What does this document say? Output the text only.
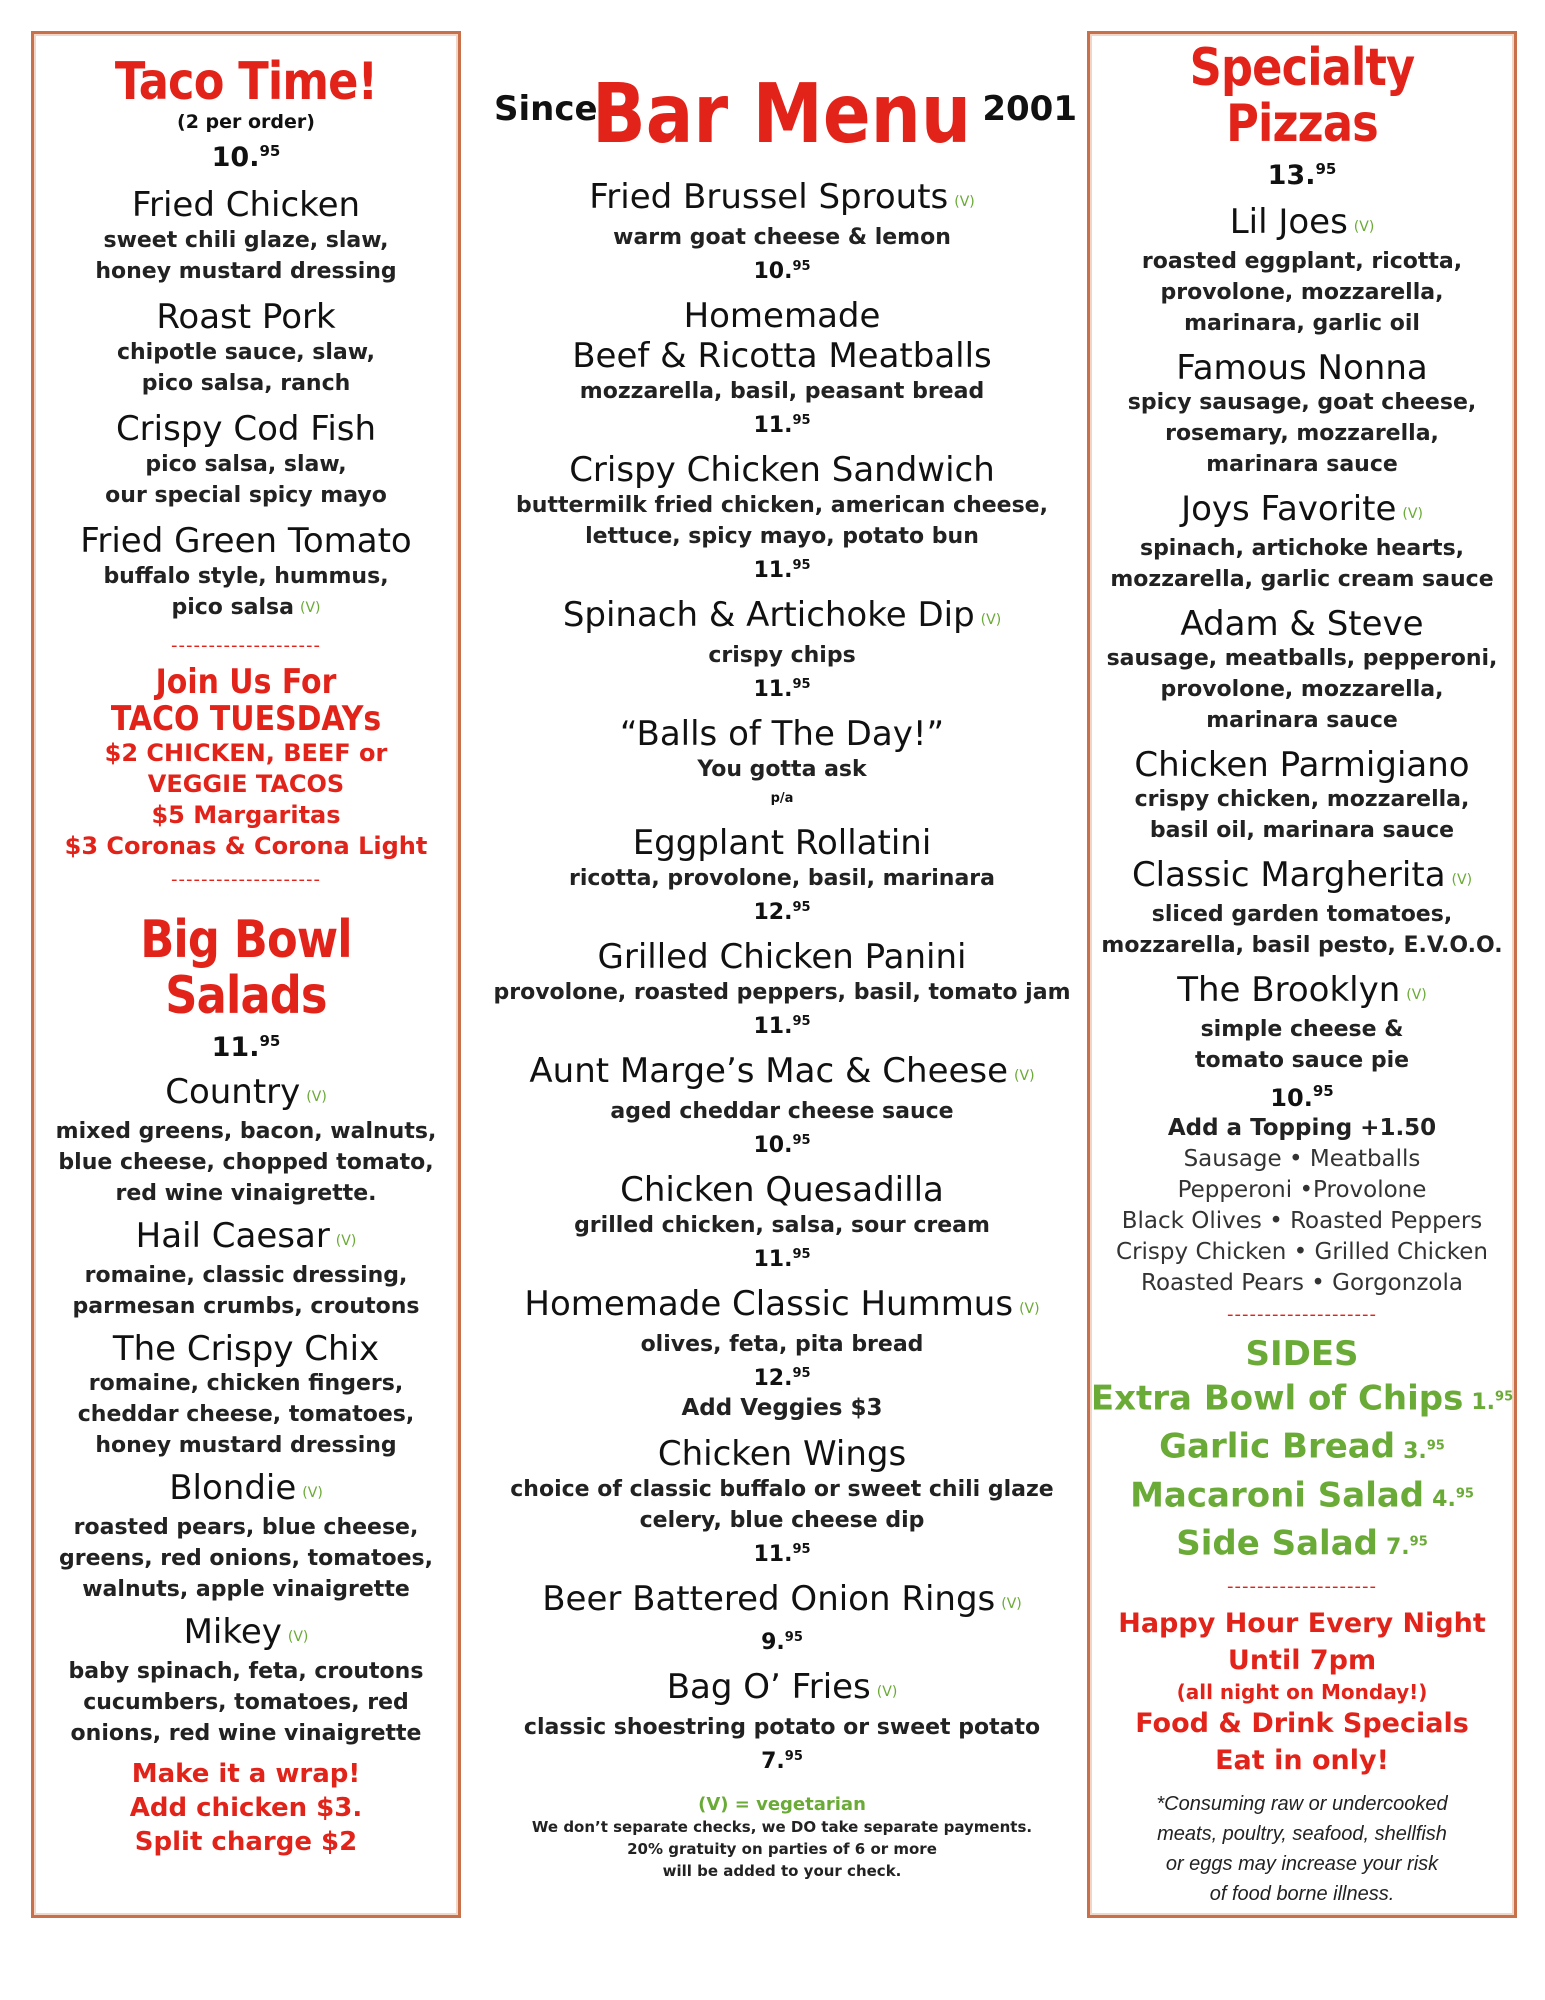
Taco Time!
(2 per order)
10.95
Fried Chicken
sweet chili glaze, slaw,
honey mustard dressing
Roast Pork
chipotle sauce, slaw,
pico salsa, ranch
Crispy Cod Fish
pico salsa, slaw,
our special spicy mayo
Fried Green Tomato
buffalo style, hummus,
pico salsa (V)
--------------------
Join Us For
TACO TUESDAYs
$2 CHICKEN, BEEF or
VEGGIE TACOS
$5 Margaritas
$3 Coronas & Corona Light
--------------------
Big Bowl
Salads
11.95
Country (V)
mixed greens, bacon, walnuts,
blue cheese, chopped tomato,
red wine vinaigrette.
Hail Caesar (V)
romaine, classic dressing,
parmesan crumbs, croutons
The Crispy Chix
romaine, chicken fingers,
cheddar cheese, tomatoes,
honey mustard dressing
Blondie (V)
roasted pears, blue cheese,
greens, red onions, tomatoes,
walnuts, apple vinaigrette
Mikey (V)
baby spinach, feta, croutons
cucumbers, tomatoes, red
onions, red wine vinaigrette
Make it a wrap!
Add chicken $3.
Split charge $2
Since
Bar Menu 2001
Fried Brussel Sprouts (V)
warm goat cheese & lemon
10.95
Homemade
Beef & Ricotta Meatballs
mozzarella, basil, peasant bread
11.95
Crispy Chicken Sandwich
buttermilk fried chicken, american cheese,
lettuce, spicy mayo, potato bun
11.95
Spinach & Artichoke Dip (V)
crispy chips
11.95
“Balls of The Day!”
You gotta ask
p/a
Eggplant Rollatini
ricotta, provolone, basil, marinara
12.95
Grilled Chicken Panini
provolone, roasted peppers, basil, tomato jam
11.95
Aunt Marge’s Mac & Cheese (V)
aged cheddar cheese sauce
10.95
Chicken Quesadilla
grilled chicken, salsa, sour cream
11.95
Homemade Classic Hummus (V)
olives, feta, pita bread
12.95
Add Veggies $3
Chicken Wings
choice of classic buffalo or sweet chili glaze
celery, blue cheese dip
11.95
Beer Battered Onion Rings (V)
9.95
Bag O’ Fries (V)
classic shoestring potato or sweet potato
7.95
(V) = vegetarian
We don’t separate checks, we DO take separate payments.
20% gratuity on parties of 6 or more
will be added to your check.
Specialty
Pizzas
13.95
Lil Joes (V)
roasted eggplant, ricotta,
provolone, mozzarella,
marinara, garlic oil
Famous Nonna
spicy sausage, goat cheese,
rosemary, mozzarella,
marinara sauce
Joys Favorite (V)
spinach, artichoke hearts,
mozzarella, garlic cream sauce
Adam & Steve
sausage, meatballs, pepperoni,
provolone, mozzarella,
marinara sauce
Chicken Parmigiano
crispy chicken, mozzarella,
basil oil, marinara sauce
Classic Margherita (V)
sliced garden tomatoes,
mozzarella, basil pesto, E.V.O.O.
The Brooklyn (V)
simple cheese &
tomato sauce pie
10.95
Add a Topping +1.50
Sausage • Meatballs
Pepperoni •Provolone
Black Olives • Roasted Peppers
Crispy Chicken • Grilled Chicken
Roasted Pears • Gorgonzola
--------------------
SIDES
Extra Bowl of Chips 1.95
Garlic Bread 3.95
Macaroni Salad 4.95
Side Salad 7.95
--------------------
Happy Hour Every Night
Until 7pm
(all night on Monday!)
Food & Drink Specials
Eat in only!
*Consuming raw or undercooked
meats, poultry, seafood, shellfish
or eggs may increase your risk
of food borne illness.
